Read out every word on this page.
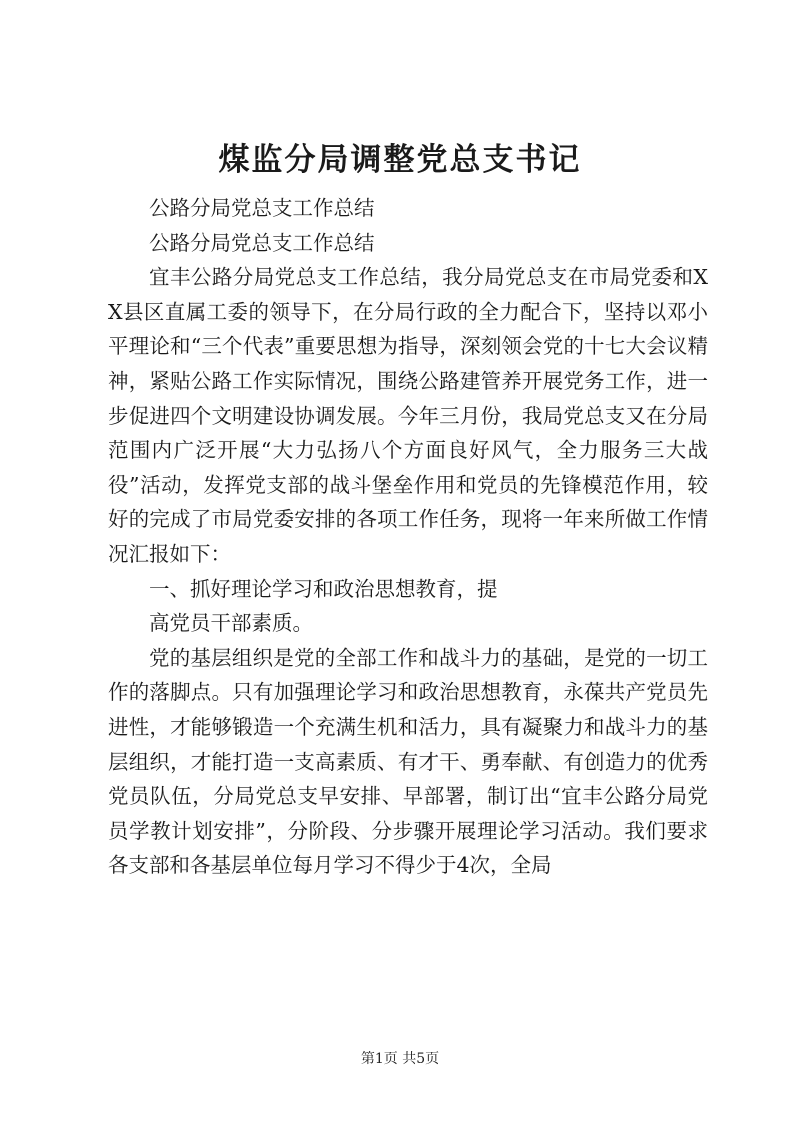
煤监分局调整党总支书记

公路分局党总支工作总结

公路分局党总支工作总结

宜丰公路分局党总支工作总结，我分局党总支在市局党委和XX县区直属工委的领导下，在分局行政的全力配合下，坚持以邓小平理论和“三个代表”重要思想为指导，深刻领会党的十七大会议精神，紧贴公路工作实际情况，围绕公路建管养开展党务工作，进一步促进四个文明建设协调发展。今年三月份，我局党总支又在分局范围内广泛开展“大力弘扬八个方面良好风气，全力服务三大战役”活动，发挥党支部的战斗堡垒作用和党员的先锋模范作用，较好的完成了市局党委安排的各项工作任务，现将一年来所做工作情况汇报如下：

一、抓好理论学习和政治思想教育，提

高党员干部素质。

党的基层组织是党的全部工作和战斗力的基础，是党的一切工作的落脚点。只有加强理论学习和政治思想教育，永葆共产党员先进性，才能够锻造一个充满生机和活力，具有凝聚力和战斗力的基层组织，才能打造一支高素质、有才干、勇奉献、有创造力的优秀党员队伍，分局党总支早安排、早部署，制订出“宜丰公路分局党员学教计划安排”，分阶段、分步骤开展理论学习活动。我们要求各支部和各基层单位每月学习不得少于4次，全局

第1页 共5页
